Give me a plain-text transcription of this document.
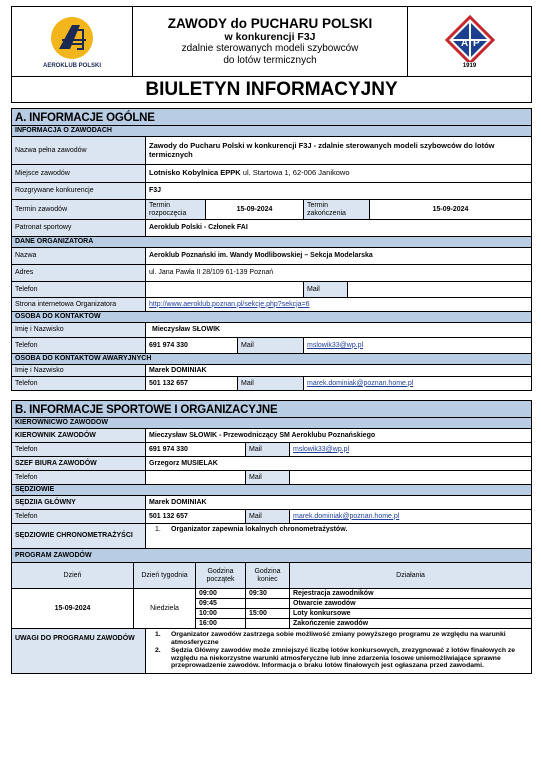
AEROKLUB POLSKI

ZAWODY do PUCHARU POLSKI
w konkurencji F3J
zdalnie sterowanych modeli szybowców
do lotów termicznych

A P
1919

BIULETYN INFORMACYJNY
A. INFORMACJE OGÓLNE						
INFORMACJA O ZAWODACH						
Nazwa pełna zawodów	Zawody do Pucharu Polski w konkurencji F3J - zdalnie sterowanych modeli szybowców do lotów termicznych					
Miejsce zawodów	Lotnisko Kobylnica EPPK ul. Startowa 1, 62-006 Janikowo					
Rozgrywane konkurencje	F3J					
Termin zawodów	Termin rozpoczęcia	15-09-2024		Termin zakończenia		15-09-2024
Patronat sportowy	Aeroklub Polski - Członek FAI					
DANE ORGANIZATORA						
Nazwa	Aeroklub Poznański im. Wandy Modlibowskiej – Sekcja Modelarska					
Adres	ul. Jana Pawła II 28/109 61-139 Poznań					
Telefon				Mail		
Strona internetowa Organizatora	http://www.aeroklub.poznan.pl/sekcje.php?sekcja=6					
OSOBA DO KONTAKTÓW						
Imię i Nazwisko	Mieczysław SŁOWIK					
Telefon	691 974 330		Mail	mslowik33@wp.pl		
OSOBA DO KONTAKTÓW AWARYJNYCH						
Imię i Nazwisko	Marek DOMINIAK					
Telefon	501 132 657		Mail	marek.dominiak@poznan.home.pl		
B. INFORMACJE SPORTOWE I ORGANIZACYJNE					
KIEROWNICWO ZAWODÓW					
KIEROWNIK ZAWODÓW		Mieczysław SŁOWIK - Przewodniczący SM Aeroklubu Poznańskiego			
Telefon		691 974 330		Mail	mslowik33@wp.pl
SZEF BIURA ZAWODÓW		Grzegorz MUSIELAK			
Telefon				Mail	
SĘDZIOWIE					
SĘDZIIA GŁÓWNY		Marek DOMINIAK			
Telefon		501 132 657		Mail	marek.dominiak@poznan.home.pl
SĘDZIOWIE CHRONOMETRAŻYŚCI		1. Organizator zapewnia lokalnych chronometrażystów.			
PROGRAM ZAWODÓW					
Dzień	Dzień tygodnia		Godzina początek	Godzina koniec	Działania
15-09-2024	Niedziela		09:00	09:30	Rejestracja zawodników
			09:45		Otwarcie zawodów
			10:00	15:00	Loty konkursowe
			16:00		Zakończenie zawodów
UWAGI DO PROGRAMU ZAWODÓW		1. Organizator zawodów zastrzega sobie możliwość zmiany powyższego programu ze względu na warunki atmosferyczne
2. Sędzia Główny zawodów może zmniejszyć liczbę lotów konkursowych, zrezygnować z lotów finałowych ze względu na niekorzystne warunki atmosferyczne lub inne zdarzenia losowe uniemożliwiające sprawne przeprowadzenie zawodów. Informacja o braku lotów finałowych jest ogłaszana przed zawodami.			
